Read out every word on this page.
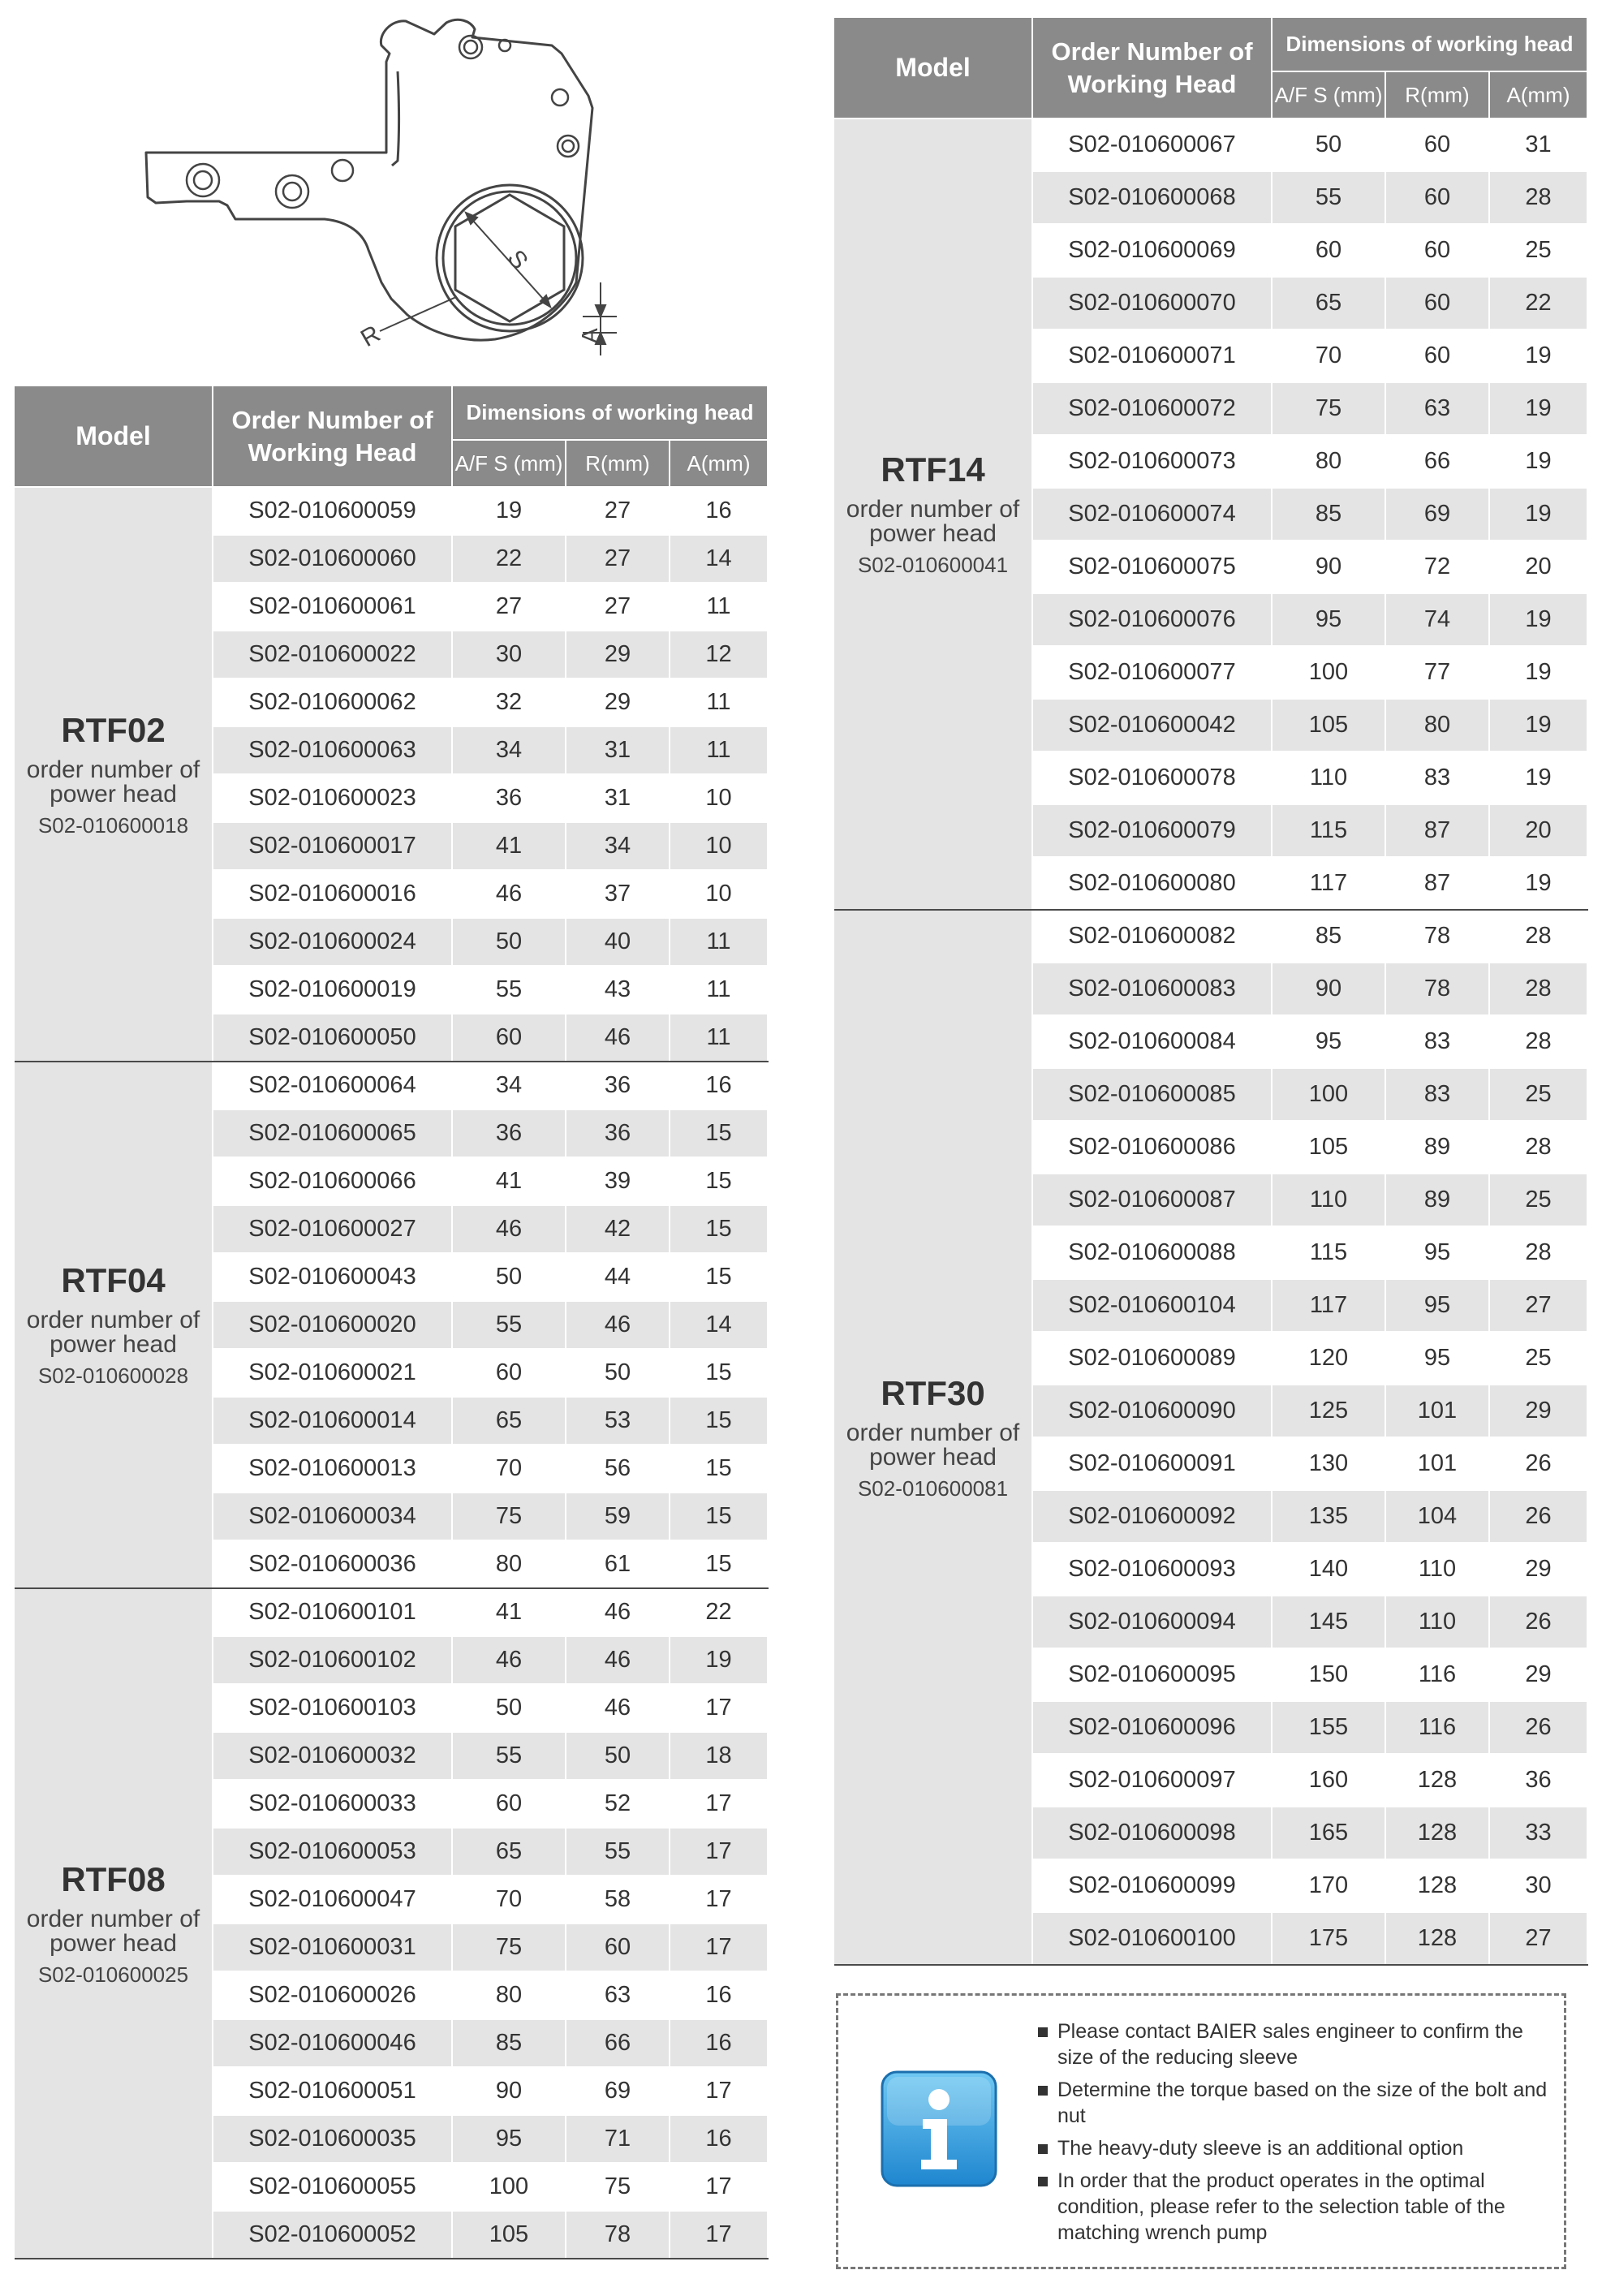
S
R	A
Model	Order Number of
Working Head	Dimensions of working head		
		A/F S (mm)	R(mm)	A(mm)

RTF02
order number of
power head
S02-010600018	S02-010600059	19	27	16
	S02-010600060	22	27	14
	S02-010600061	27	27	11
	S02-010600022	30	29	12
	S02-010600062	32	29	11
	S02-010600063	34	31	11
	S02-010600023	36	31	10
	S02-010600017	41	34	10
	S02-010600016	46	37	10
	S02-010600024	50	40	11
	S02-010600019	55	43	11
	S02-010600050	60	46	11

RTF04
order number of
power head
S02-010600028	S02-010600064	34	36	16
	S02-010600065	36	36	15
	S02-010600066	41	39	15
	S02-010600027	46	42	15
	S02-010600043	50	44	15
	S02-010600020	55	46	14
	S02-010600021	60	50	15
	S02-010600014	65	53	15
	S02-010600013	70	56	15
	S02-010600034	75	59	15
	S02-010600036	80	61	15

RTF08
order number of
power head
S02-010600025	S02-010600101	41	46	22
	S02-010600102	46	46	19
	S02-010600103	50	46	17
	S02-010600032	55	50	18
	S02-010600033	60	52	17
	S02-010600053	65	55	17
	S02-010600047	70	58	17
	S02-010600031	75	60	17
	S02-010600026	80	63	16
	S02-010600046	85	66	16
	S02-010600051	90	69	17
	S02-010600035	95	71	16
	S02-010600055	100	75	17
	S02-010600052	105	78	17
Model	Order Number of
Working Head	Dimensions of working head		
		A/F S (mm)	R(mm)	A(mm)

RTF14
order number of
power head
S02-010600041	S02-010600067	50	60	31
	S02-010600068	55	60	28
	S02-010600069	60	60	25
	S02-010600070	65	60	22
	S02-010600071	70	60	19
	S02-010600072	75	63	19
	S02-010600073	80	66	19
	S02-010600074	85	69	19
	S02-010600075	90	72	20
	S02-010600076	95	74	19
	S02-010600077	100	77	19
	S02-010600042	105	80	19
	S02-010600078	110	83	19
	S02-010600079	115	87	20
	S02-010600080	117	87	19

RTF30
order number of
power head
S02-010600081	S02-010600082	85	78	28
	S02-010600083	90	78	28
	S02-010600084	95	83	28
	S02-010600085	100	83	25
	S02-010600086	105	89	28
	S02-010600087	110	89	25
	S02-010600088	115	95	28
	S02-010600104	117	95	27
	S02-010600089	120	95	25
	S02-010600090	125	101	29
	S02-010600091	130	101	26
	S02-010600092	135	104	26
	S02-010600093	140	110	29
	S02-010600094	145	110	26
	S02-010600095	150	116	29
	S02-010600096	155	116	26
	S02-010600097	160	128	36
	S02-010600098	165	128	33
	S02-010600099	170	128	30
	S02-010600100	175	128	27
Please contact BAIER sales engineer to confirm the size of the reducing sleeve
Determine the torque based on the size of the bolt and nut
The heavy-duty sleeve is an additional option
In order that the product operates in the optimal condition, please refer to the selection table of the matching wrench pump
